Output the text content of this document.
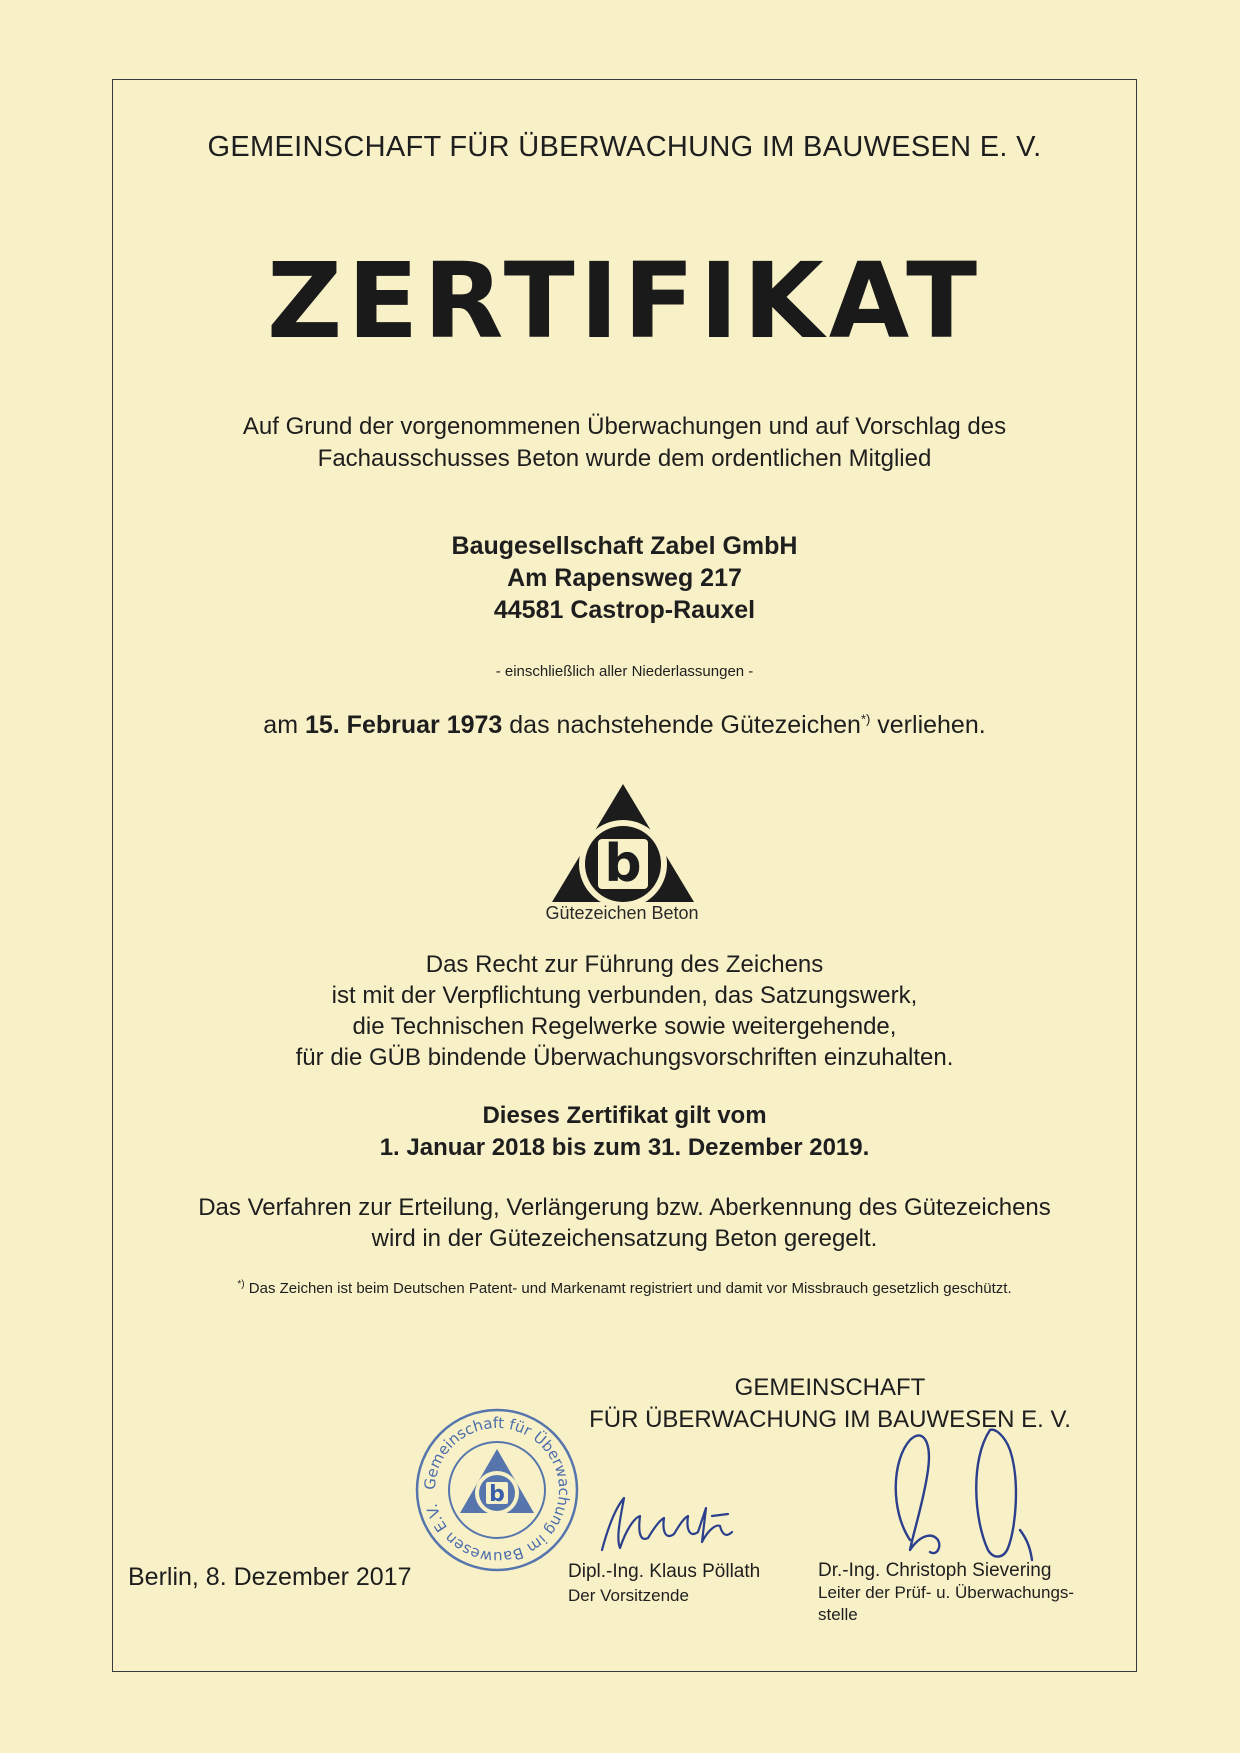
GEMEINSCHAFT FÜR ÜBERWACHUNG IM BAUWESEN E. V.
ZERTIFIKAT
Auf Grund der vorgenommenen Überwachungen und auf Vorschlag des
Fachausschusses Beton wurde dem ordentlichen Mitglied
Baugesellschaft Zabel GmbH
Am Rapensweg 217
44581 Castrop-Rauxel
- einschließlich aller Niederlassungen -
am 15. Februar 1973 das nachstehende Gütezeichen*) verliehen.
b
Gütezeichen Beton
Das Recht zur Führung des Zeichens
ist mit der Verpflichtung verbunden, das Satzungswerk,
die Technischen Regelwerke sowie weitergehende,
für die GÜB bindende Überwachungsvorschriften einzuhalten.
Dieses Zertifikat gilt vom
1. Januar 2018 bis zum 31. Dezember 2019.
Das Verfahren zur Erteilung, Verlängerung bzw. Aberkennung des Gütezeichens
wird in der Gütezeichensatzung Beton geregelt.
*) Das Zeichen ist beim Deutschen Patent- und Markenamt registriert und damit vor Missbrauch gesetzlich geschützt.
GEMEINSCHAFT
FÜR ÜBERWACHUNG IM BAUWESEN E. V.
Gemeinschaft für Überwachung im Bauwesen E.V.	b
Berlin, 8. Dezember 2017	Dipl.-Ing. Klaus Pöllath
Der Vorsitzende
Dr.-Ing. Christoph Sievering
Leiter der Prüf- u. Überwachungs-
stelle
